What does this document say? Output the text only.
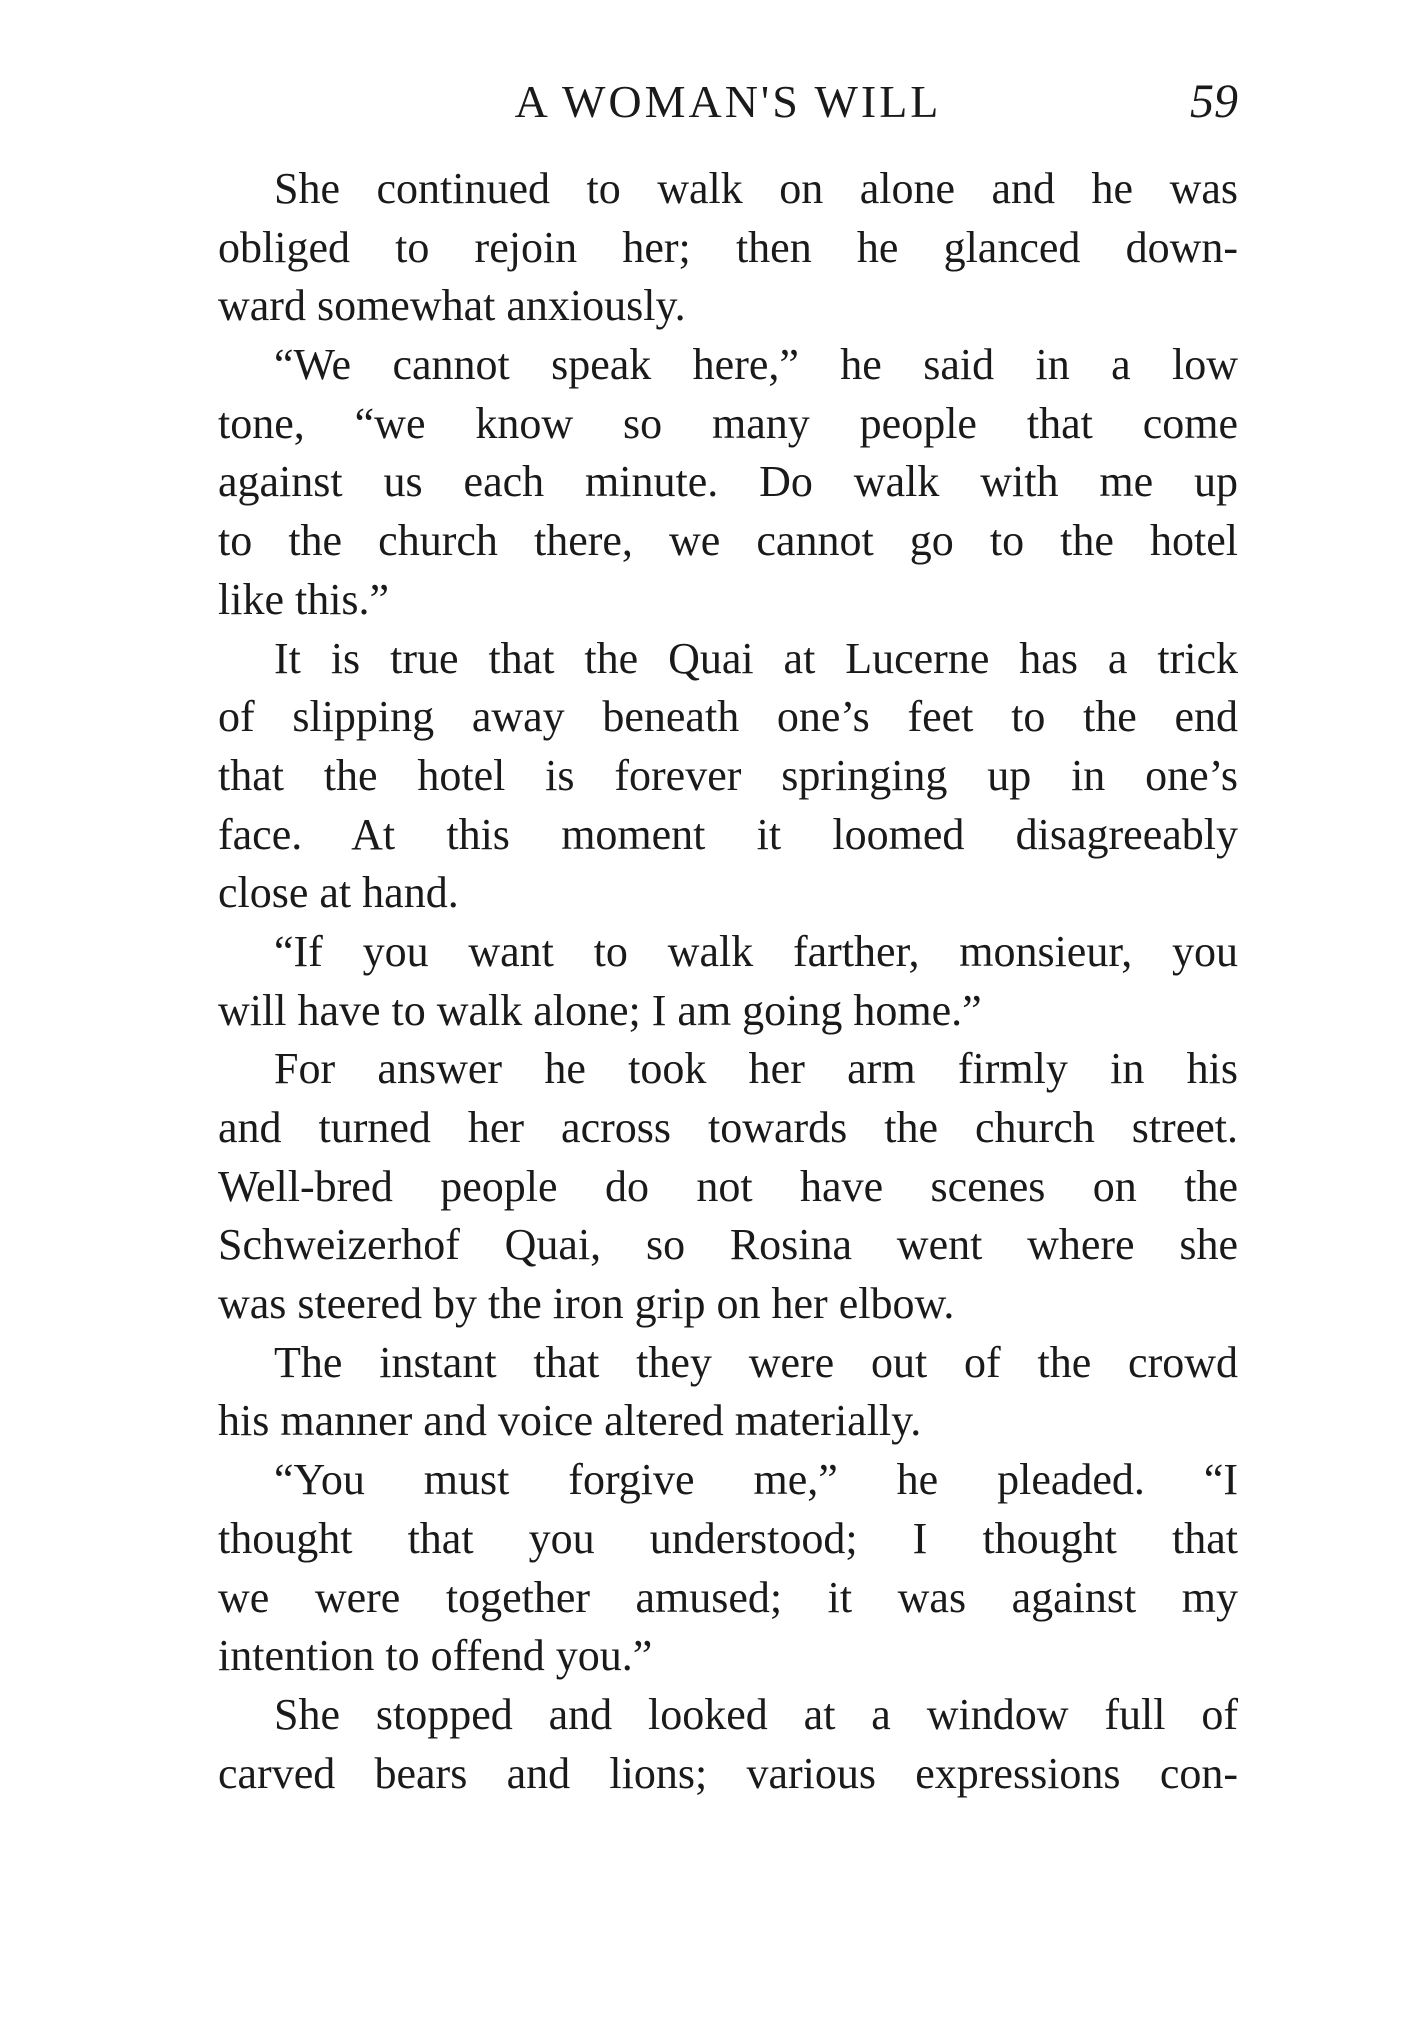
A WOMAN'S WILL	59
She continued to walk on alone and he was
obliged to rejoin her; then he glanced down-
ward somewhat anxiously.
“We cannot speak here,” he said in a low
tone, “we know so many people that come
against us each minute. Do walk with me up
to the church there, we cannot go to the hotel
like this.”
It is true that the Quai at Lucerne has a trick
of slipping away beneath one’s feet to the end
that the hotel is forever springing up in one’s
face. At this moment it loomed disagreeably
close at hand.
“If you want to walk farther, monsieur, you
will have to walk alone; I am going home.”
For answer he took her arm firmly in his
and turned her across towards the church street.
Well-bred people do not have scenes on the
Schweizerhof Quai, so Rosina went where she
was steered by the iron grip on her elbow.
The instant that they were out of the crowd
his manner and voice altered materially.
“You must forgive me,” he pleaded. “I
thought that you understood; I thought that
we were together amused; it was against my
intention to offend you.”
She stopped and looked at a window full of
carved bears and lions; various expressions con-
